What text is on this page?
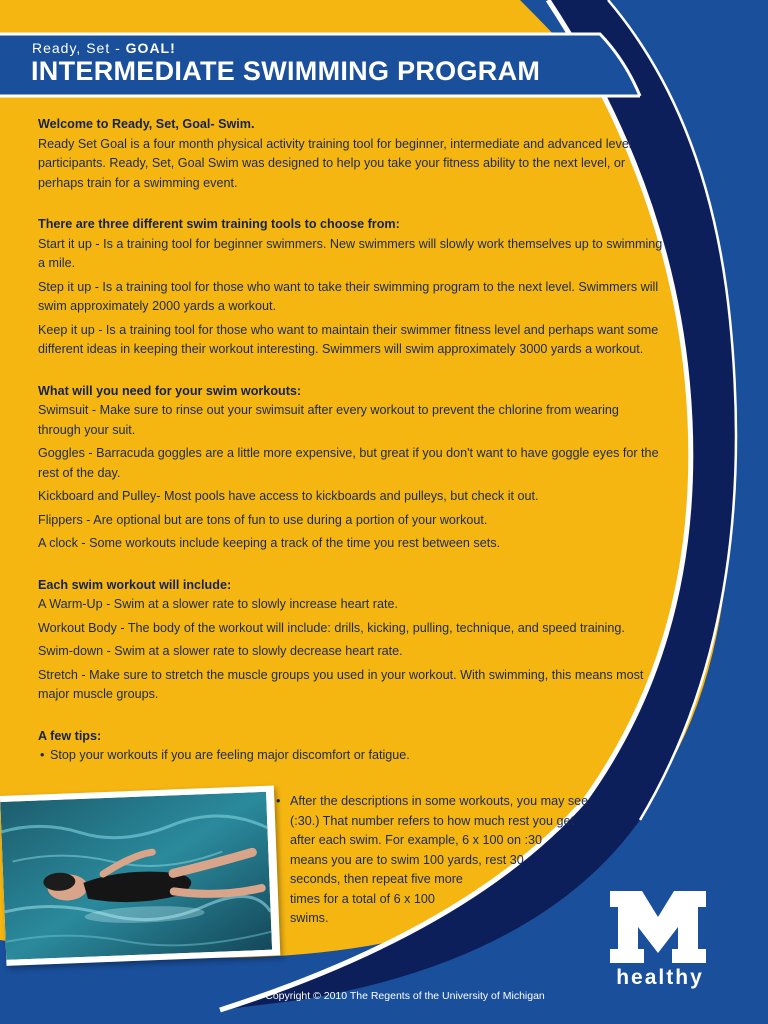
Ready, Set - GOAL!
INTERMEDIATE SWIMMING PROGRAM
Welcome to Ready, Set, Goal- Swim.

Ready Set Goal is a four month physical activity training tool for beginner, intermediate and advanced level participants. Ready, Set, Goal Swim was designed to help you take your fitness ability to the next level, or perhaps train for a swimming event.

There are three different swim training tools to choose from:

Start it up - Is a training tool for beginner swimmers. New swimmers will slowly work themselves up to swimming a mile.

Step it up - Is a training tool for those who want to take their swimming program to the next level. Swimmers will swim approximately 2000 yards a workout.

Keep it up - Is a training tool for those who want to maintain their swimmer fitness level and perhaps want some different ideas in keeping their workout interesting. Swimmers will swim approximately 3000 yards a workout.

What will you need for your swim workouts:

Swimsuit - Make sure to rinse out your swimsuit after every workout to prevent the chlorine from wearing through your suit.

Goggles - Barracuda goggles are a little more expensive, but great if you don't want to have goggle eyes for the rest of the day.

Kickboard and Pulley- Most pools have access to kickboards and pulleys, but check it out.

Flippers - Are optional but are tons of fun to use during a portion of your workout.

A clock - Some workouts include keeping a track of the time you rest between sets.

Each swim workout will include:

A Warm-Up - Swim at a slower rate to slowly increase heart rate.

Workout Body - The body of the workout will include: drills, kicking, pulling, technique, and speed training.

Swim-down - Swim at a slower rate to slowly decrease heart rate.

Stretch - Make sure to stretch the muscle groups you used in your workout. With swimming, this means most major muscle groups.

A few tips:
• Stop your workouts if you are feeling major discomfort or fatigue.
• After the descriptions in some workouts, you may see
(:30.) That number refers to how much rest you get
after each swim. For example, 6 x 100 on :30
means you are to swim 100 yards, rest 30
seconds, then repeat five more
times for a total of 6 x 100
swims.
healthy
Copyright © 2010 The Regents of the University of Michigan
